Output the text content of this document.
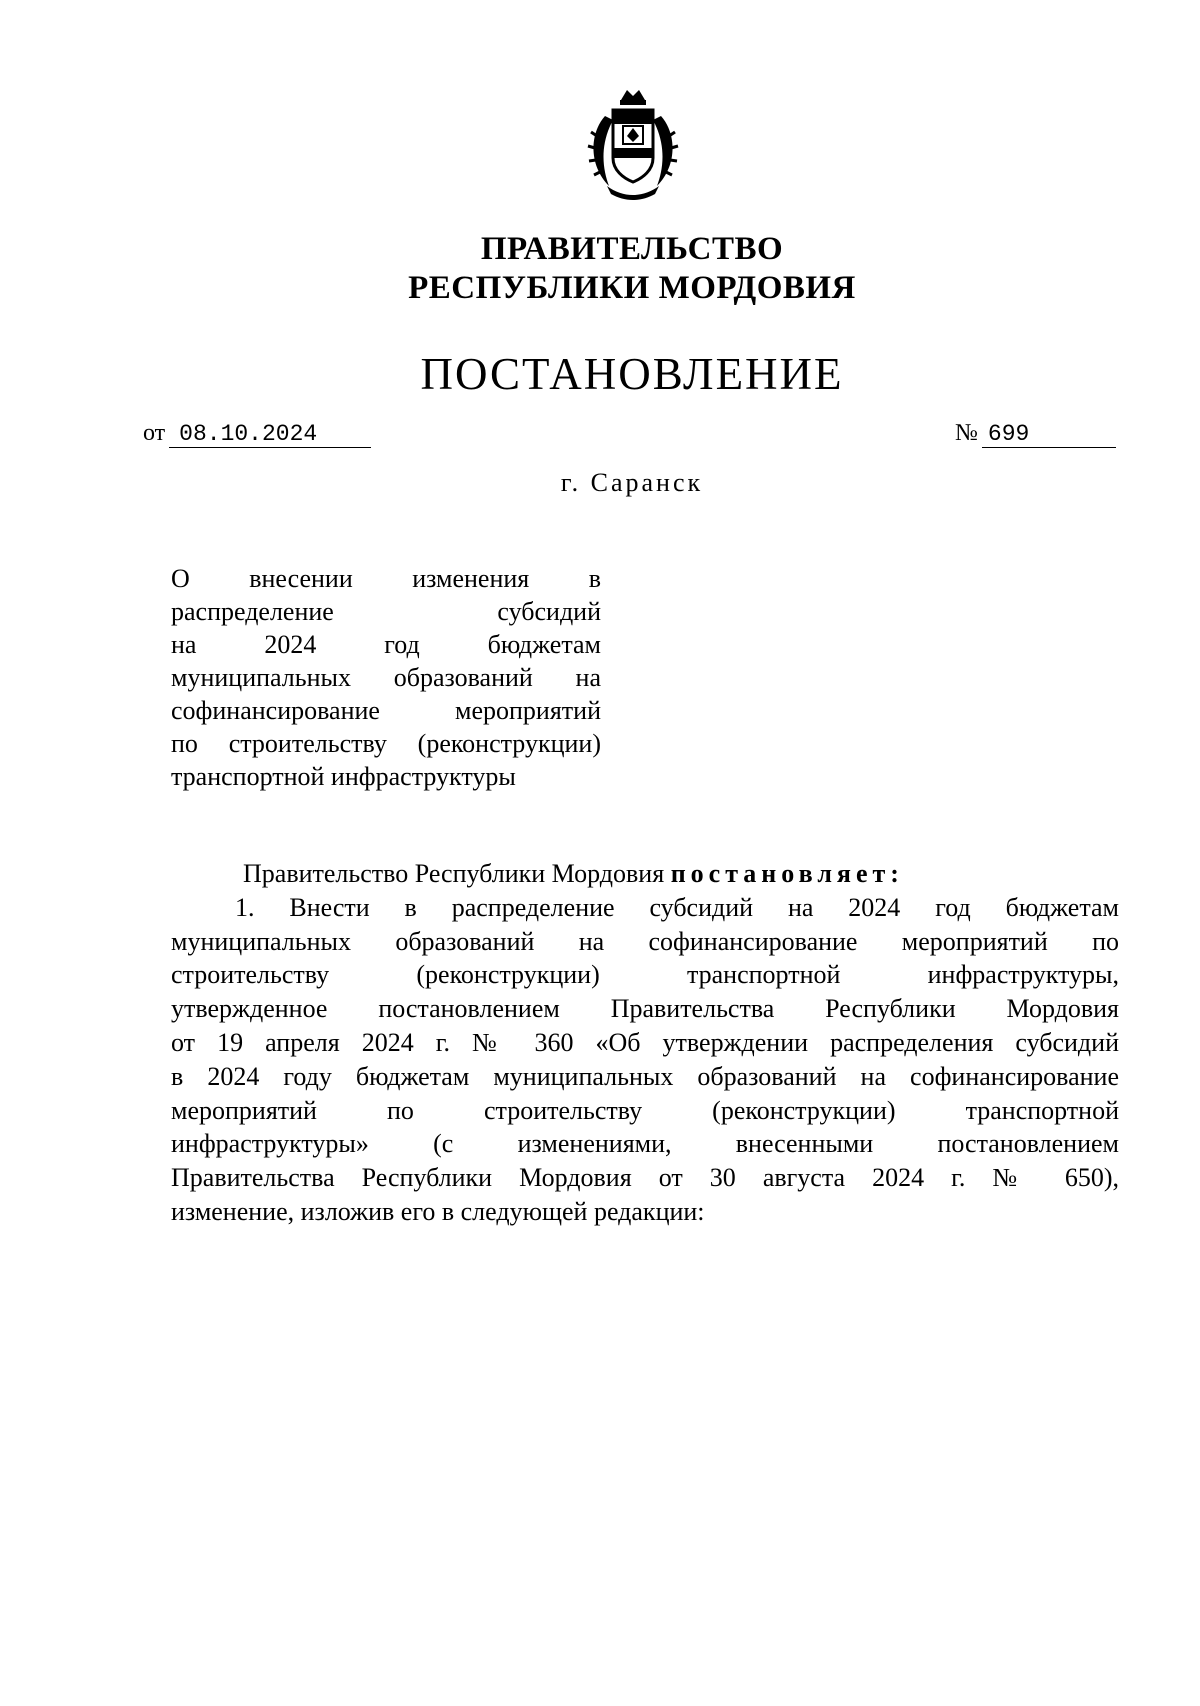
ПРАВИТЕЛЬСТВО
РЕСПУБЛИКИ МОРДОВИЯ
ПОСТАНОВЛЕНИЕ
от 08.10.2024	№ 699
г. Саранск
О внесении изменения в
распределение субсидий
на 2024 год бюджетам
муниципальных образований на
софинансирование мероприятий
по строительству (реконструкции)
транспортной инфраструктуры
Правительство Республики Мордовия постановляет:
1. Внести в распределение субсидий на 2024 год бюджетам
муниципальных образований на софинансирование мероприятий по
строительству (реконструкции) транспортной инфраструктуры,
утвержденное постановлением Правительства Республики Мордовия
от 19 апреля 2024 г. № 360 «Об утверждении распределения субсидий
в 2024 году бюджетам муниципальных образований на софинансирование
мероприятий по строительству (реконструкции) транспортной
инфраструктуры» (с изменениями, внесенными постановлением
Правительства Республики Мордовия от 30 августа 2024 г. № 650),
изменение, изложив его в следующей редакции:
